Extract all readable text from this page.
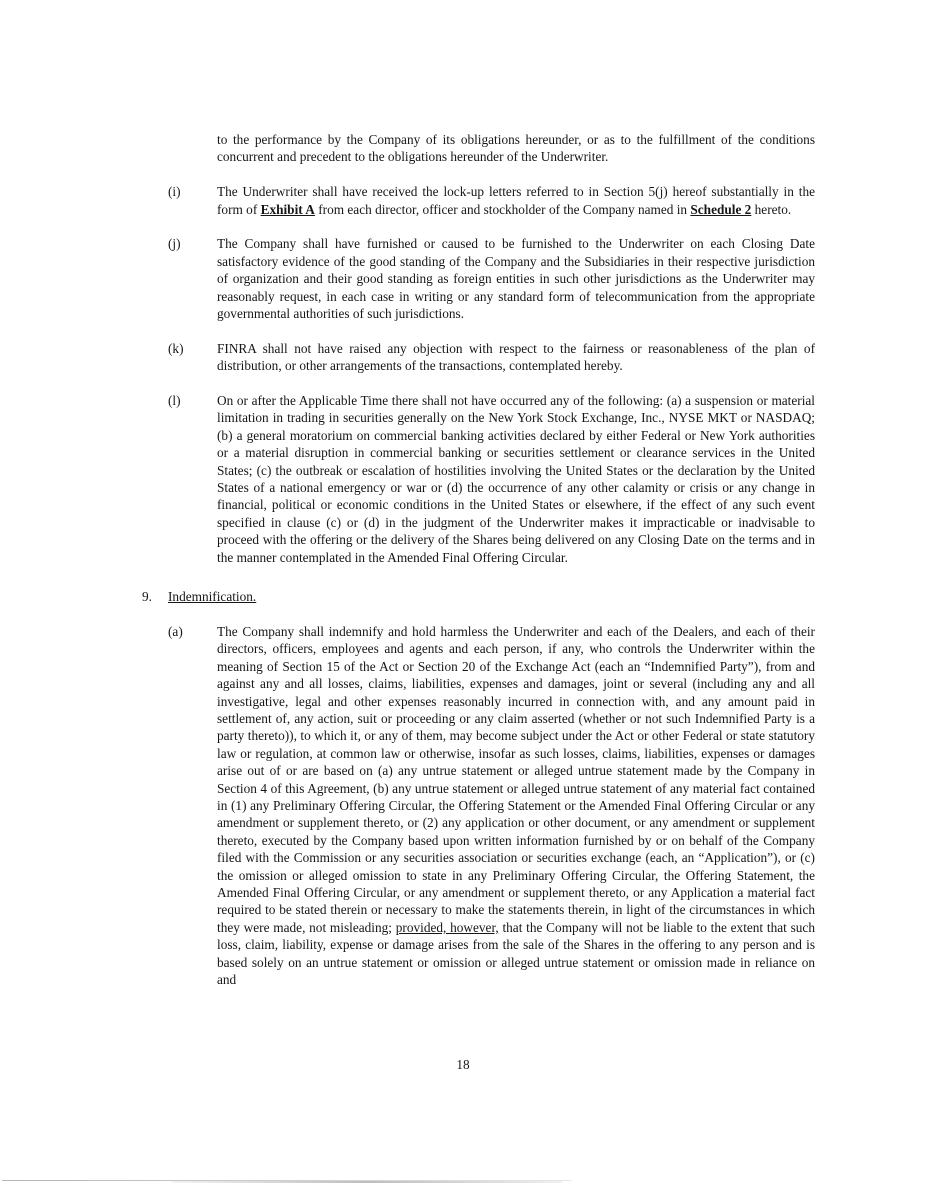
to the performance by the Company of its obligations hereunder, or as to the fulfillment of the conditions concurrent and precedent to the obligations hereunder of the Underwriter.

(i)	The Underwriter shall have received the lock-up letters referred to in Section 5(j) hereof substantially in the form of Exhibit A from each director, officer and stockholder of the Company named in Schedule 2 hereto.
(j)	The Company shall have furnished or caused to be furnished to the Underwriter on each Closing Date satisfactory evidence of the good standing of the Company and the Subsidiaries in their respective jurisdiction of organization and their good standing as foreign entities in such other jurisdictions as the Underwriter may reasonably request, in each case in writing or any standard form of telecommunication from the appropriate governmental authorities of such jurisdictions.
(k)	FINRA shall not have raised any objection with respect to the fairness or reasonableness of the plan of distribution, or other arrangements of the transactions, contemplated hereby.
(l)	On or after the Applicable Time there shall not have occurred any of the following: (a) a suspension or material limitation in trading in securities generally on the New York Stock Exchange, Inc., NYSE MKT or NASDAQ; (b) a general moratorium on commercial banking activities declared by either Federal or New York authorities or a material disruption in commercial banking or securities settlement or clearance services in the United States; (c) the outbreak or escalation of hostilities involving the United States or the declaration by the United States of a national emergency or war or (d) the occurrence of any other calamity or crisis or any change in financial, political or economic conditions in the United States or elsewhere, if the effect of any such event specified in clause (c) or (d) in the judgment of the Underwriter makes it impracticable or inadvisable to proceed with the offering or the delivery of the Shares being delivered on any Closing Date on the terms and in the manner contemplated in the Amended Final Offering Circular.
9.	Indemnification.
(a)	The Company shall indemnify and hold harmless the Underwriter and each of the Dealers, and each of their directors, officers, employees and agents and each person, if any, who controls the Underwriter within the meaning of Section 15 of the Act or Section 20 of the Exchange Act (each an “Indemnified Party”), from and against any and all losses, claims, liabilities, expenses and damages, joint or several (including any and all investigative, legal and other expenses reasonably incurred in connection with, and any amount paid in settlement of, any action, suit or proceeding or any claim asserted (whether or not such Indemnified Party is a party thereto)), to which it, or any of them, may become subject under the Act or other Federal or state statutory law or regulation, at common law or otherwise, insofar as such losses, claims, liabilities, expenses or damages arise out of or are based on (a) any untrue statement or alleged untrue statement made by the Company in Section 4 of this Agreement, (b) any untrue statement or alleged untrue statement of any material fact contained in (1) any Preliminary Offering Circular, the Offering Statement or the Amended Final Offering Circular or any amendment or supplement thereto, or (2) any application or other document, or any amendment or supplement thereto, executed by the Company based upon written information furnished by or on behalf of the Company filed with the Commission or any securities association or securities exchange (each, an “Application”), or (c) the omission or alleged omission to state in any Preliminary Offering Circular, the Offering Statement, the Amended Final Offering Circular, or any amendment or supplement thereto, or any Application a material fact required to be stated therein or necessary to make the statements therein, in light of the circumstances in which they were made, not misleading; provided, however, that the Company will not be liable to the extent that such loss, claim, liability, expense or damage arises from the sale of the Shares in the offering to any person and is based solely on an untrue statement or omission or alleged untrue statement or omission made in reliance on and
18
